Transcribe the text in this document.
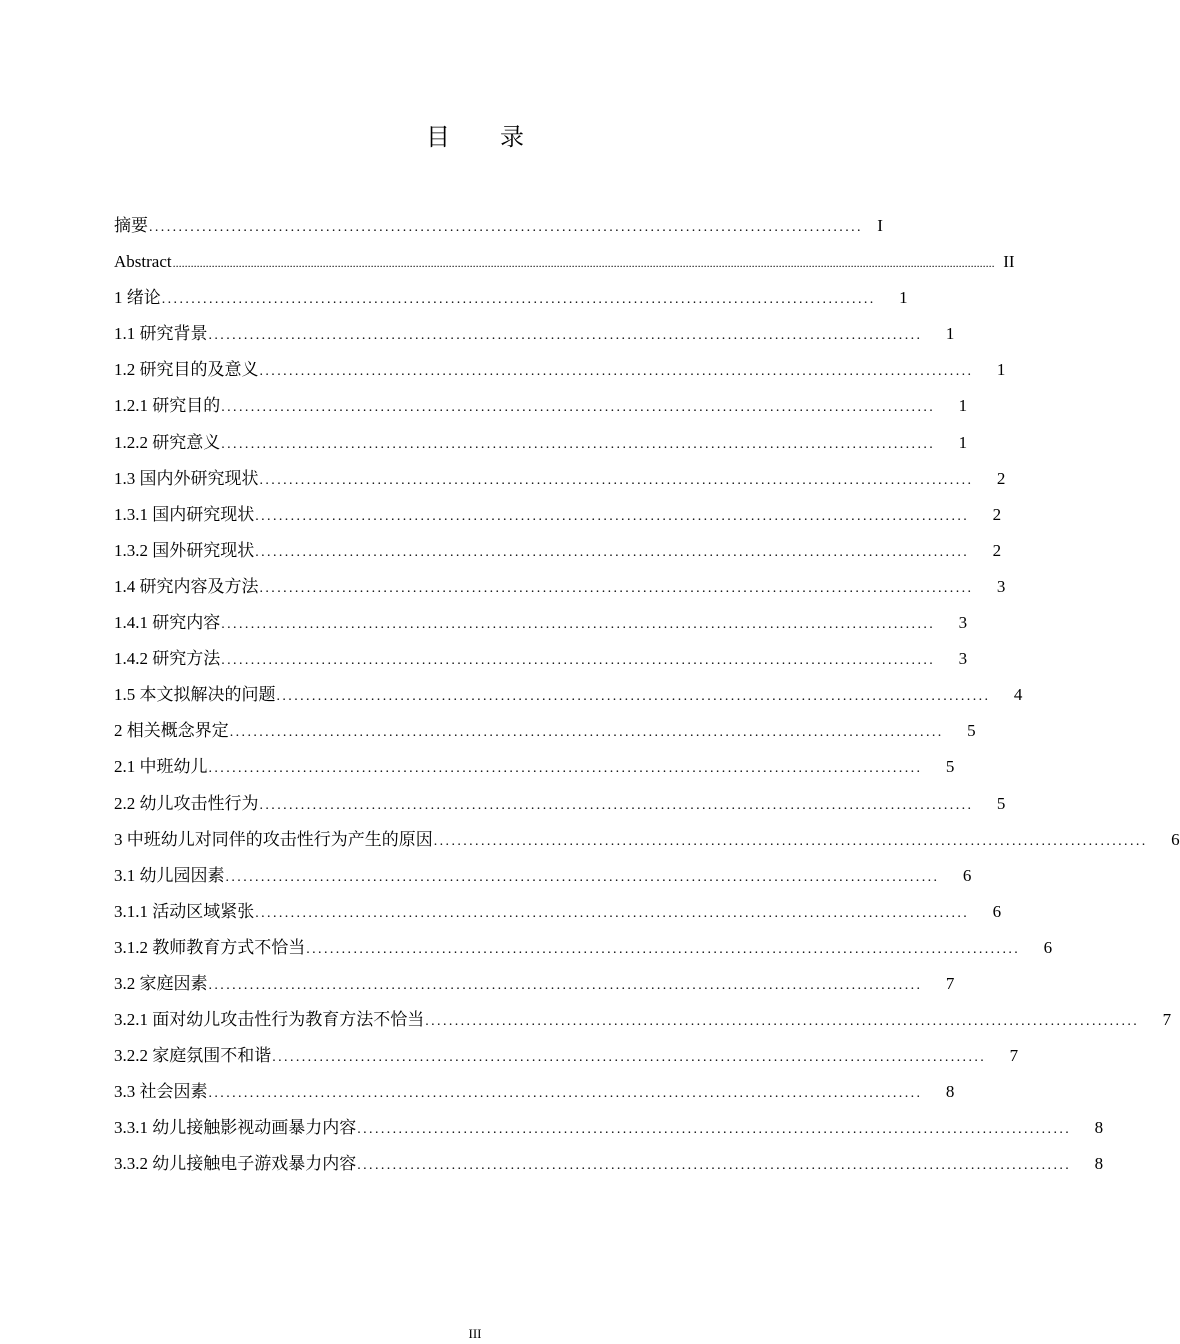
目 录
摘要 ......................................................................................................................... I
Abstract .................................................................................................................................................................................................................................................................................. II
1 绪论 .........................................................................................................................	1
1.1 研究背景 .........................................................................................................................	1
1.2 研究目的及意义 .........................................................................................................................	1
1.2.1 研究目的 .........................................................................................................................	1
1.2.2 研究意义 .........................................................................................................................	1
1.3 国内外研究现状 .........................................................................................................................	2
1.3.1 国内研究现状 .........................................................................................................................	2
1.3.2 国外研究现状 .........................................................................................................................	2
1.4 研究内容及方法 .........................................................................................................................	3
1.4.1 研究内容 .........................................................................................................................	3
1.4.2 研究方法 .........................................................................................................................	3
1.5 本文拟解决的问题 .........................................................................................................................	4
2 相关概念界定 .........................................................................................................................	5
2.1 中班幼儿 .........................................................................................................................	5
2.2 幼儿攻击性行为 .........................................................................................................................	5
3 中班幼儿对同伴的攻击性行为产生的原因 .........................................................................................................................	6
3.1 幼儿园因素 .........................................................................................................................	6
3.1.1 活动区域紧张 .........................................................................................................................	6
3.1.2 教师教育方式不恰当 .........................................................................................................................	6
3.2 家庭因素 .........................................................................................................................	7
3.2.1 面对幼儿攻击性行为教育方法不恰当 .........................................................................................................................	7
3.2.2 家庭氛围不和谐 .........................................................................................................................	7
3.3 社会因素 .........................................................................................................................	8
3.3.1 幼儿接触影视动画暴力内容 .........................................................................................................................	8
3.3.2 幼儿接触电子游戏暴力内容 .........................................................................................................................	8
III
